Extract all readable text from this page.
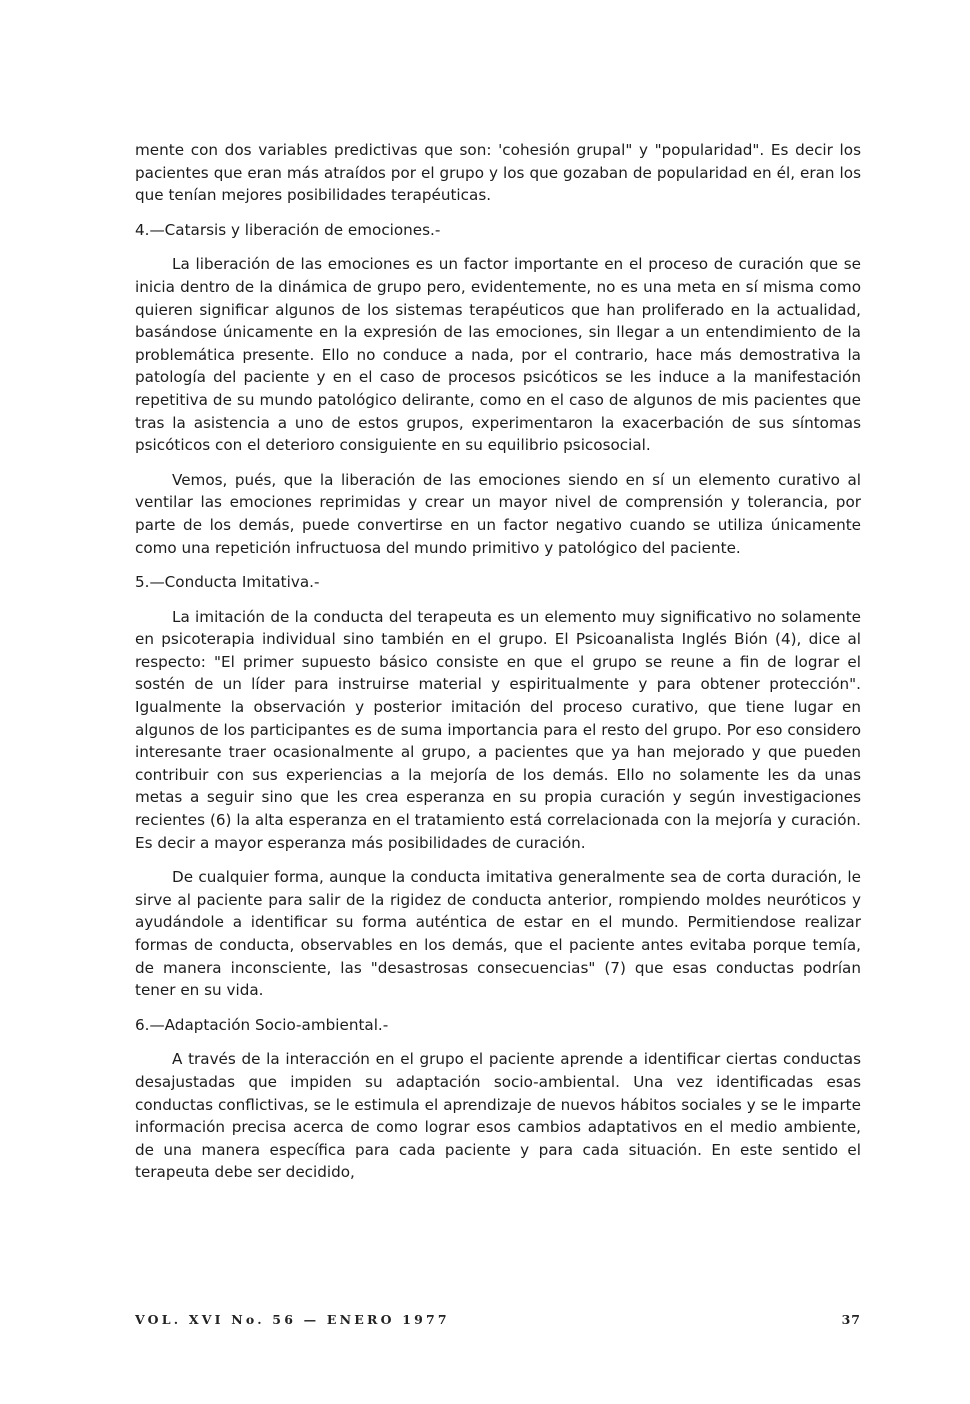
mente con dos variables predictivas que son: 'cohesión grupal" y "popularidad". Es decir los pacientes que eran más atraídos por el grupo y los que gozaban de popularidad en él, eran los que tenían mejores posibilidades terapéuticas.

4.—Catarsis y liberación de emociones.-

La liberación de las emociones es un factor importante en el proceso de curación que se inicia dentro de la dinámica de grupo pero, evidentemente, no es una meta en sí misma como quieren significar algunos de los sistemas terapéuticos que han proliferado en la actualidad, basándose únicamente en la expresión de las emociones, sin llegar a un entendimiento de la problemática presente. Ello no conduce a nada, por el contrario, hace más demostrativa la patología del paciente y en el caso de procesos psicóticos se les induce a la manifestación repetitiva de su mundo patológico delirante, como en el caso de algunos de mis pacientes que tras la asistencia a uno de estos grupos, experimentaron la exacerbación de sus síntomas psicóticos con el deterioro consiguiente en su equilibrio psicosocial.

Vemos, pués, que la liberación de las emociones siendo en sí un elemento curativo al ventilar las emociones reprimidas y crear un mayor nivel de comprensión y tolerancia, por parte de los demás, puede convertirse en un factor negativo cuando se utiliza únicamente como una repetición infructuosa del mundo primitivo y patológico del paciente.

5.—Conducta Imitativa.-

La imitación de la conducta del terapeuta es un elemento muy significativo no solamente en psicoterapia individual sino también en el grupo. El Psicoanalista Inglés Bión (4), dice al respecto: "El primer supuesto básico consiste en que el grupo se reune a fin de lograr el sostén de un líder para instruirse material y espiritualmente y para obtener protección". Igualmente la observación y posterior imitación del proceso curativo, que tiene lugar en algunos de los participantes es de suma importancia para el resto del grupo. Por eso considero interesante traer ocasionalmente al grupo, a pacientes que ya han mejorado y que pueden contribuir con sus experiencias a la mejoría de los demás. Ello no solamente les da unas metas a seguir sino que les crea esperanza en su propia curación y según investigaciones recientes (6) la alta esperanza en el tratamiento está correlacionada con la mejoría y curación. Es decir a mayor esperanza más posibilidades de curación.

De cualquier forma, aunque la conducta imitativa generalmente sea de corta duración, le sirve al paciente para salir de la rigidez de conducta anterior, rompiendo moldes neuróticos y ayudándole a identificar su forma auténtica de estar en el mundo. Permitiendose realizar formas de conducta, observables en los demás, que el paciente antes evitaba porque temía, de manera inconsciente, las "desastrosas consecuencias" (7) que esas conductas podrían tener en su vida.

6.—Adaptación Socio-ambiental.-

A través de la interacción en el grupo el paciente aprende a identificar ciertas conductas desajustadas que impiden su adaptación socio-ambiental. Una vez identificadas esas conductas conflictivas, se le estimula el aprendizaje de nuevos hábitos sociales y se le imparte información precisa acerca de como lograr esos cambios adaptativos en el medio ambiente, de una manera específica para cada paciente y para cada situación. En este sentido el terapeuta debe ser decidido,

VOL. XVI No. 56 — ENERO 1977	37
